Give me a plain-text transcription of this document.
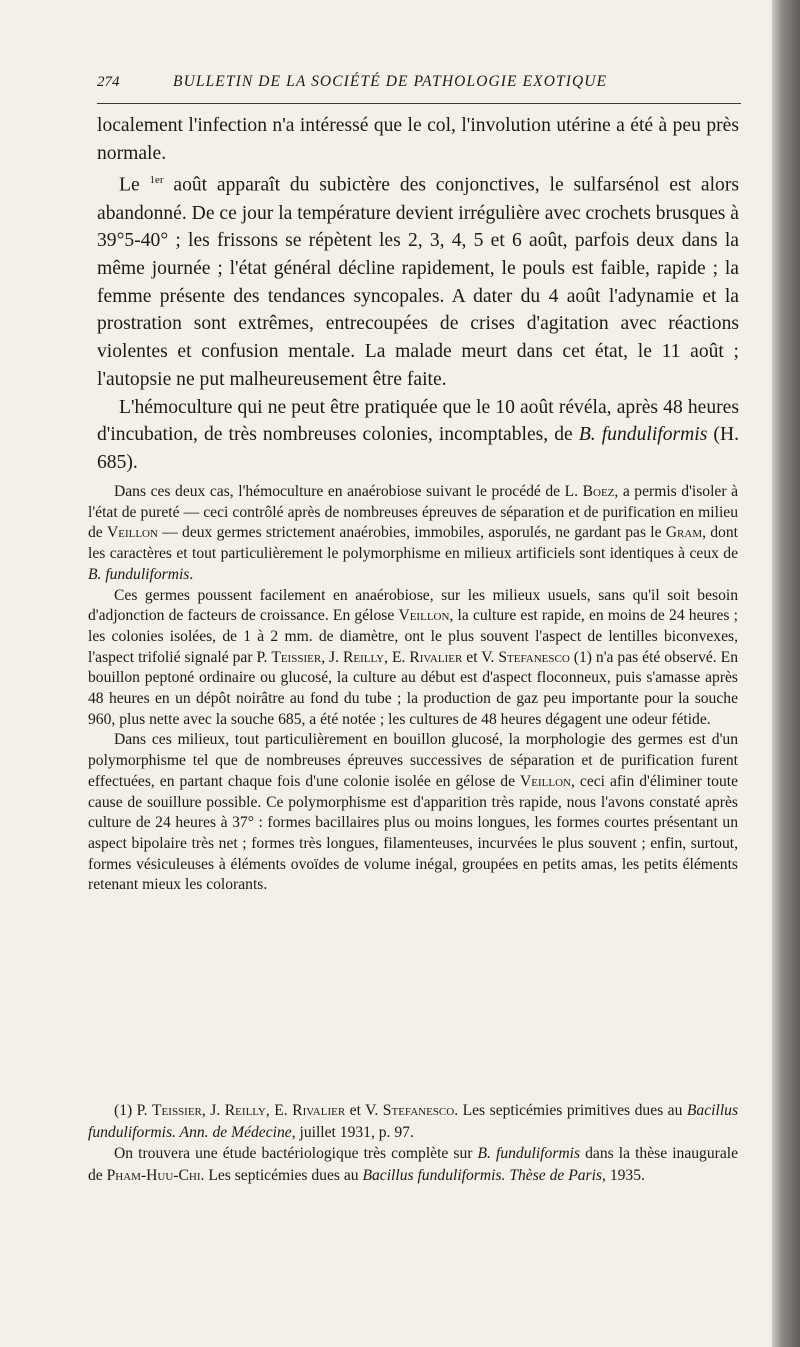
274	BULLETIN DE LA SOCIÉTÉ DE PATHOLOGIE EXOTIQUE

localement l'infection n'a intéressé que le col, l'involution utérine a été à peu près normale.

Le $^{1er}$ août apparaît du subictère des conjonctives, le sulfarsénol est alors abandonné. De ce jour la température devient irrégulière avec crochets brusques à 39°5-40° ; les frissons se répètent les 2, 3, 4, 5 et 6 août, parfois deux dans la même journée ; l'état général décline rapidement, le pouls est faible, rapide ; la femme présente des tendances syncopales. A dater du 4 août l'adynamie et la prostration sont extrêmes, entrecoupées de crises d'agitation avec réactions violentes et confusion mentale. La malade meurt dans cet état, le 11 août ; l'autopsie ne put malheureusement être faite.

L'hémoculture qui ne peut être pratiquée que le 10 août révéla, après 48 heures d'incubation, de très nombreuses colonies, incomptables, de B. funduliformis (H. 685).

Dans ces deux cas, l'hémoculture en anaérobiose suivant le procédé de L. Boez, a permis d'isoler à l'état de pureté — ceci contrôlé après de nombreuses épreuves de séparation et de purification en milieu de Veillon — deux germes strictement anaérobies, immobiles, asporulés, ne gardant pas le Gram, dont les caractères et tout particulièrement le polymorphisme en milieux artificiels sont identiques à ceux de B. funduliformis.

Ces germes poussent facilement en anaérobiose, sur les milieux usuels, sans qu'il soit besoin d'adjonction de facteurs de croissance. En gélose Veillon, la culture est rapide, en moins de 24 heures ; les colonies isolées, de 1 à 2 mm. de diamètre, ont le plus souvent l'aspect de lentilles biconvexes, l'aspect trifolié signalé par P. Teissier, J. Reilly, E. Rivalier et V. Stefanesco (1) n'a pas été observé. En bouillon peptoné ordinaire ou glucosé, la culture au début est d'aspect floconneux, puis s'amasse après 48 heures en un dépôt noirâtre au fond du tube ; la production de gaz peu importante pour la souche 960, plus nette avec la souche 685, a été notée ; les cultures de 48 heures dégagent une odeur fétide.

Dans ces milieux, tout particulièrement en bouillon glucosé, la morphologie des germes est d'un polymorphisme tel que de nombreuses épreuves successives de séparation et de purification furent effectuées, en partant chaque fois d'une colonie isolée en gélose de Veillon, ceci afin d'éliminer toute cause de souillure possible. Ce polymorphisme est d'apparition très rapide, nous l'avons constaté après culture de 24 heures à 37° : formes bacillaires plus ou moins longues, les formes courtes présentant un aspect bipolaire très net ; formes très longues, filamenteuses, incurvées le plus souvent ; enfin, surtout, formes vésiculeuses à éléments ovoïdes de volume inégal, groupées en petits amas, les petits éléments retenant mieux les colorants.

(1) P. Teissier, J. Reilly, E. Rivalier et V. Stefanesco. Les septicémies primitives dues au Bacillus funduliformis. Ann. de Médecine, juillet 1931, p. 97.

On trouvera une étude bactériologique très complète sur B. funduliformis dans la thèse inaugurale de Pham-Huu-Chi. Les septicémies dues au Bacillus funduliformis. Thèse de Paris, 1935.
